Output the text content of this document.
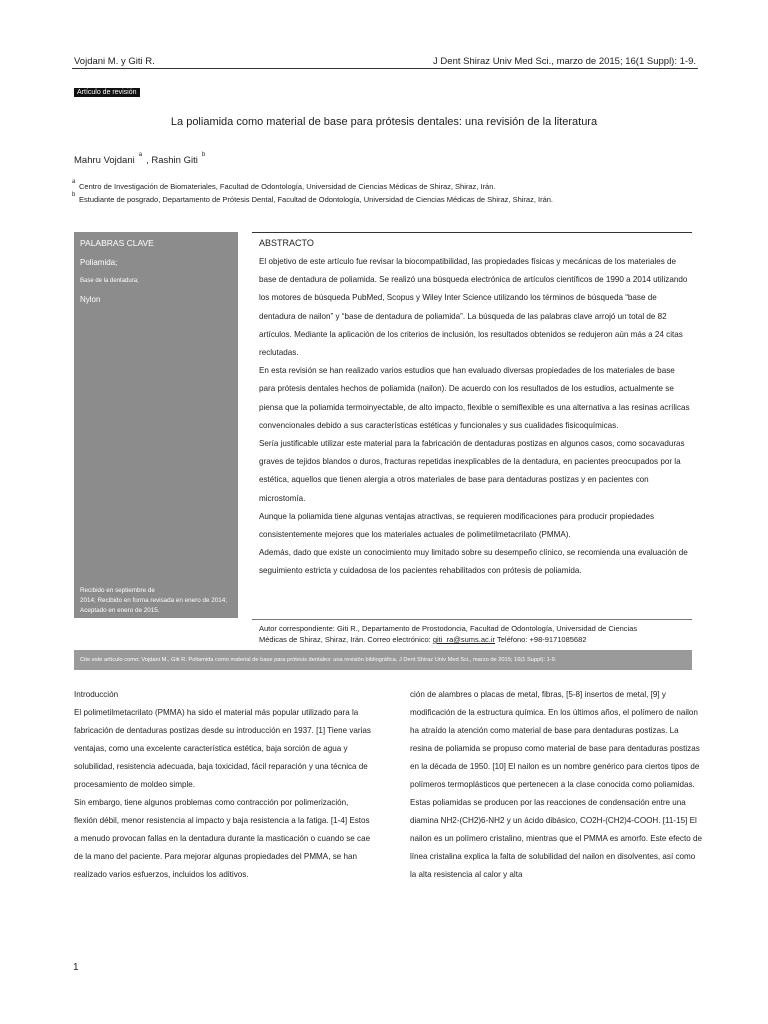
Vojdani M. y Giti R.	J Dent Shiraz Univ Med Sci., marzo de 2015; 16(1 Suppl): 1-9.
Artículo de revisión
La poliamida como material de base para prótesis dentales: una revisión de la literatura
Mahru Vojdani $^a$ , Rashin Giti $^b$
a Centro de Investigación de Biomateriales, Facultad de Odontología, Universidad de Ciencias Médicas de Shiraz, Shiraz, Irán.
b Estudiante de posgrado, Departamento de Prótesis Dental, Facultad de Odontología, Universidad de Ciencias Médicas de Shiraz, Shiraz, Irán.
PALABRAS CLAVE
Poliamida;
Base de la dentadura;
Nylon
Recibido en septiembre de
2014; Recibido en forma revisada en enero de 2014;
Aceptado en enero de 2015.
ABSTRACTO

El objetivo de este artículo fue revisar la biocompatibilidad, las propiedades físicas y mecánicas de los materiales de base de dentadura de poliamida. Se realizó una búsqueda electrónica de artículos científicos de 1990 a 2014 utilizando los motores de búsqueda PubMed, Scopus y Wiley Inter Science utilizando los términos de búsqueda “base de dentadura de nailon” y “base de dentadura de poliamida”. La búsqueda de las palabras clave arrojó un total de 82 artículos. Mediante la aplicación de los criterios de inclusión, los resultados obtenidos se redujeron aún más a 24 citas reclutadas.

En esta revisión se han realizado varios estudios que han evaluado diversas propiedades de los materiales de base para prótesis dentales hechos de poliamida (nailon). De acuerdo con los resultados de los estudios, actualmente se piensa que la poliamida termoinyectable, de alto impacto, flexible o semiflexible es una alternativa a las resinas acrílicas convencionales debido a sus características estéticas y funcionales y sus cualidades fisicoquímicas.

Sería justificable utilizar este material para la fabricación de dentaduras postizas en algunos casos, como socavaduras graves de tejidos blandos o duros, fracturas repetidas inexplicables de la dentadura, en pacientes preocupados por la estética, aquellos que tienen alergia a otros materiales de base para dentaduras postizas y en pacientes con microstomía.

Aunque la poliamida tiene algunas ventajas atractivas, se requieren modificaciones para producir propiedades consistentemente mejores que los materiales actuales de polimetilmetacrilato (PMMA).

Además, dado que existe un conocimiento muy limitado sobre su desempeño clínico, se recomienda una evaluación de seguimiento estricta y cuidadosa de los pacientes rehabilitados con prótesis de poliamida.

Autor correspondiente: Giti R., Departamento de Prostodoncia, Facultad de Odontología, Universidad de Ciencias
Médicas de Shiraz, Shiraz, Irán. Correo electrónico: giti_ra@sums.ac.ir Teléfono: +98-9171085682
Cite este artículo como: Vojdani M., Giti R. Poliamida como material de base para prótesis dentales: una revisión bibliográfica. J Dent Shiraz Univ Med Sci., marzo de 2015; 16(1 Suppl): 1-9.

Introducción

El polimetilmetacrilato (PMMA) ha sido el material más popular utilizado para la fabricación de dentaduras postizas desde su introducción en 1937. [1] Tiene varias ventajas, como una excelente característica estética, baja sorción de agua y solubilidad, resistencia adecuada, baja toxicidad, fácil reparación y una técnica de procesamiento de moldeo simple.

Sin embargo, tiene algunos problemas como contracción por polimerización, flexión débil, menor resistencia al impacto y baja resistencia a la fatiga. [1-4] Estos a menudo provocan fallas en la dentadura durante la masticación o cuando se cae de la mano del paciente. Para mejorar algunas propiedades del PMMA, se han realizado varios esfuerzos, incluidos los aditivos.

ción de alambres o placas de metal, fibras, [5-8] insertos de metal, [9] y modificación de la estructura química. En los últimos años, el polímero de nailon ha atraído la atención como material de base para dentaduras postizas. La resina de poliamida se propuso como material de base para dentaduras postizas en la década de 1950. [10] El nailon es un nombre genérico para ciertos tipos de polímeros termoplásticos que pertenecen a la clase conocida como poliamidas. Estas poliamidas se producen por las reacciones de condensación entre una diamina NH2-(CH2)6-NH2 y un ácido dibásico, CO2H-(CH2)4-COOH. [11-15] El nailon es un polímero cristalino, mientras que el PMMA es amorfo. Este efecto de línea cristalina explica la falta de solubilidad del nailon en disolventes, así como la alta resistencia al calor y alta

1
